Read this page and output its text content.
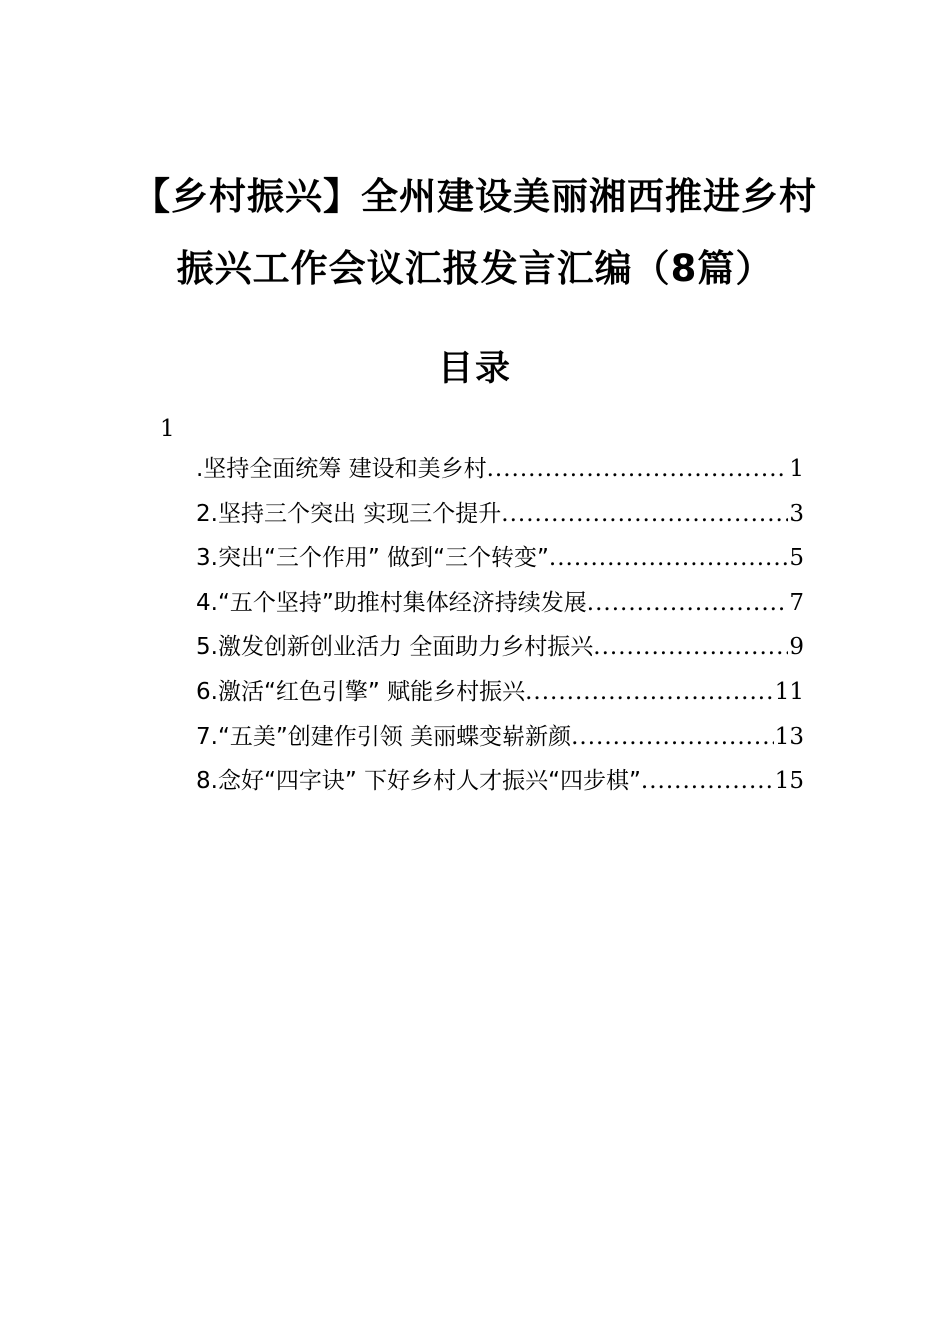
【乡村振兴】全州建设美丽湘西推进乡村
振兴工作会议汇报发言汇编（8篇）
目录
1
.坚持全面统筹 建设和美乡村 .....	1
2.坚持三个突出 实现三个提升 .....	3
3.突出“三个作用” 做到“三个转变” .....	5
4.“五个坚持”助推村集体经济持续发展 .....	7
5.激发创新创业活力 全面助力乡村振兴 .....	9
6.激活“红色引擎” 赋能乡村振兴 .....	11
7.“五美”创建作引领 美丽蝶变崭新颜 .....	13
8.念好“四字诀” 下好乡村人才振兴“四步棋” .....	15
